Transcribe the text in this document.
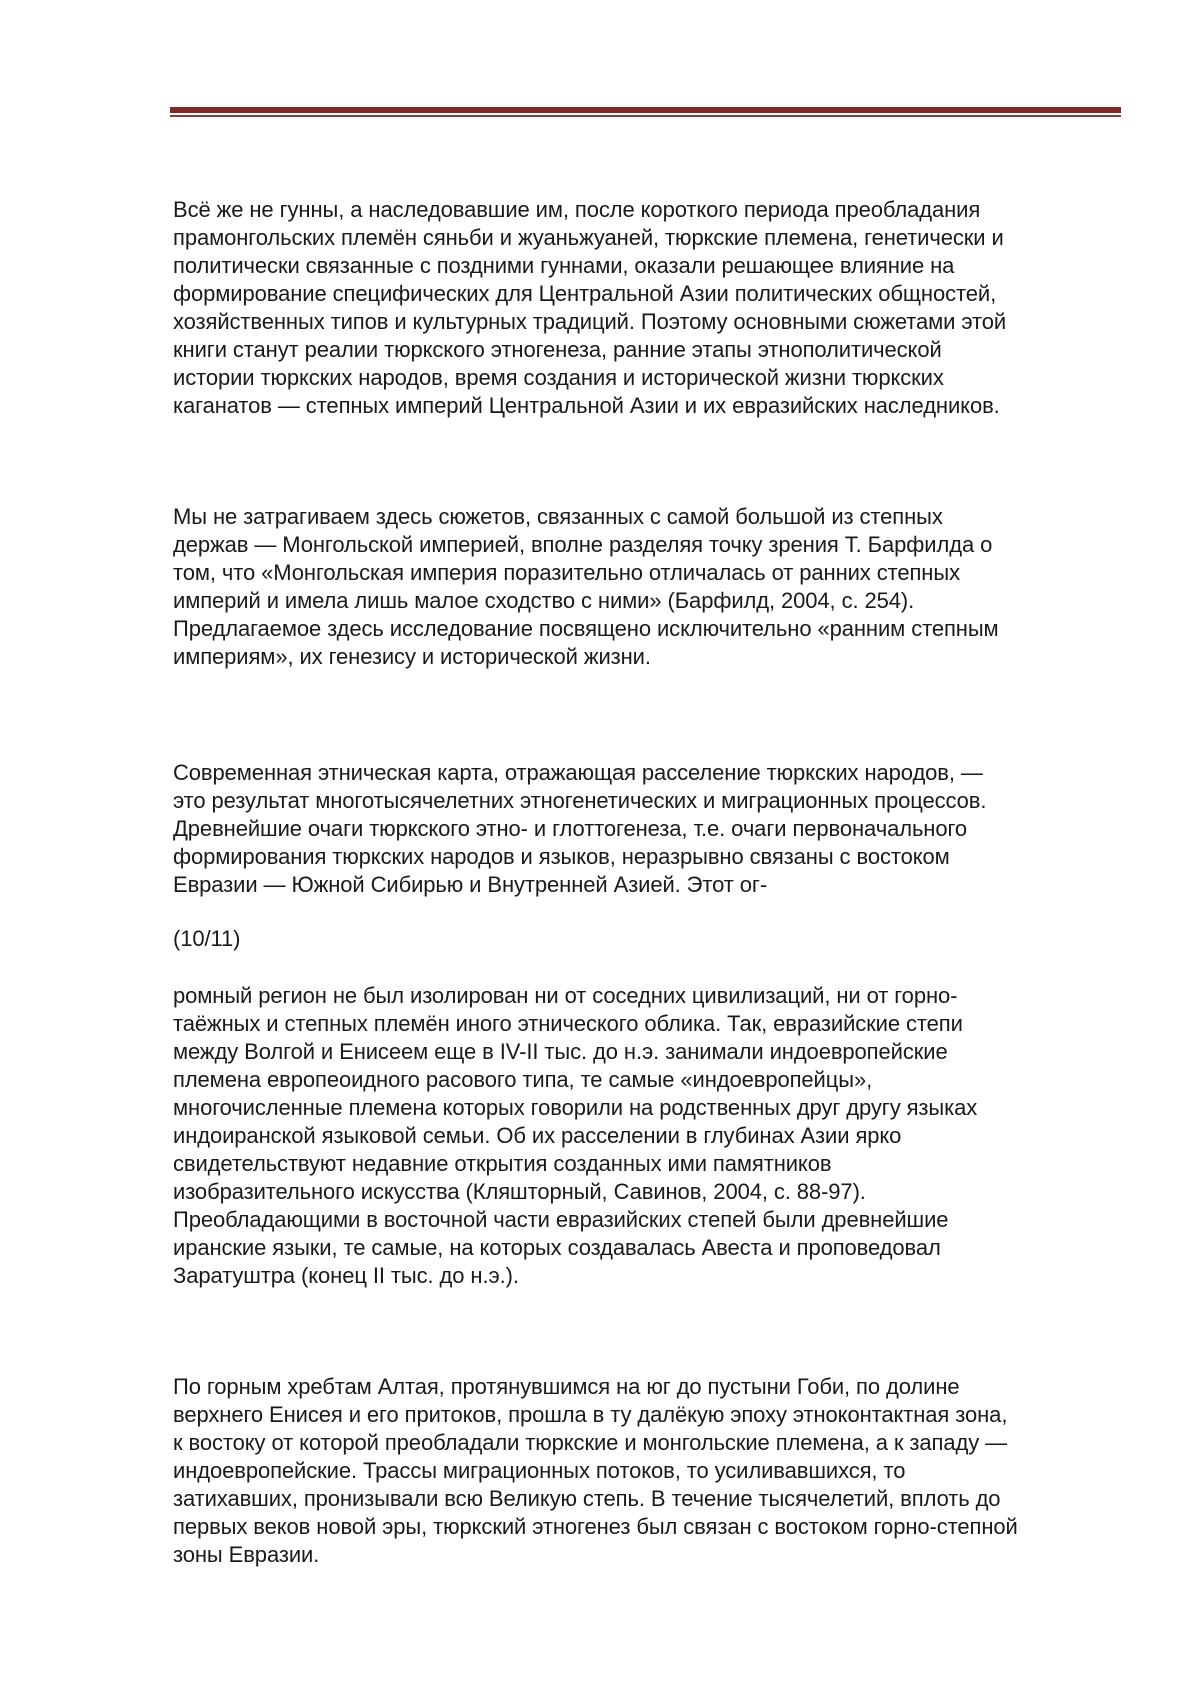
Всё же не гунны, а наследовавшие им, после короткого периода преобладания
прамонгольских племён сяньби и жуаньжуаней, тюркские племена, генетически и
политически связанные с поздними гуннами, оказали решающее влияние на
формирование специфических для Центральной Азии политических общностей,
хозяйственных типов и культурных традиций. Поэтому основными сюжетами этой
книги станут реалии тюркского этногенеза, ранние этапы этнополитической
истории тюркских народов, время создания и исторической жизни тюркских
каганатов — степных империй Центральной Азии и их евразийских наследников.

Мы не затрагиваем здесь сюжетов, связанных с самой большой из степных
держав — Монгольской империей, вполне разделяя точку зрения Т. Барфилда о
том, что «Монгольская империя поразительно отличалась от ранних степных
империй и имела лишь малое сходство с ними» (Барфилд, 2004, с. 254).
Предлагаемое здесь исследование посвящено исключительно «ранним степным
империям», их генезису и исторической жизни.

Современная этническая карта, отражающая расселение тюркских народов, —
это результат многотысячелетних этногенетических и миграционных процессов.
Древнейшие очаги тюркского этно- и глоттогенеза, т.е. очаги первоначального
формирования тюркских народов и языков, неразрывно связаны с востоком
Евразии — Южной Сибирью и Внутренней Азией. Этот ог-

(10/11)

ромный регион не был изолирован ни от соседних цивилизаций, ни от горно-
таёжных и степных племён иного этнического облика. Так, евразийские степи
между Волгой и Енисеем еще в IV-II тыс. до н.э. занимали индоевропейские
племена европеоидного расового типа, те самые «индоевропейцы»,
многочисленные племена которых говорили на родственных друг другу языках
индоиранской языковой семьи. Об их расселении в глубинах Азии ярко
свидетельствуют недавние открытия созданных ими памятников
изобразительного искусства (Кляшторный, Савинов, 2004, с. 88-97).
Преобладающими в восточной части евразийских степей были древнейшие
иранские языки, те самые, на которых создавалась Авеста и проповедовал
Заратуштра (конец II тыс. до н.э.).

По горным хребтам Алтая, протянувшимся на юг до пустыни Гоби, по долине
верхнего Енисея и его притоков, прошла в ту далёкую эпоху этноконтактная зона,
к востоку от которой преобладали тюркские и монгольские племена, а к западу —
индоевропейские. Трассы миграционных потоков, то усиливавшихся, то
затихавших, пронизывали всю Великую степь. В течение тысячелетий, вплоть до
первых веков новой эры, тюркский этногенез был связан с востоком горно-степной
зоны Евразии.
